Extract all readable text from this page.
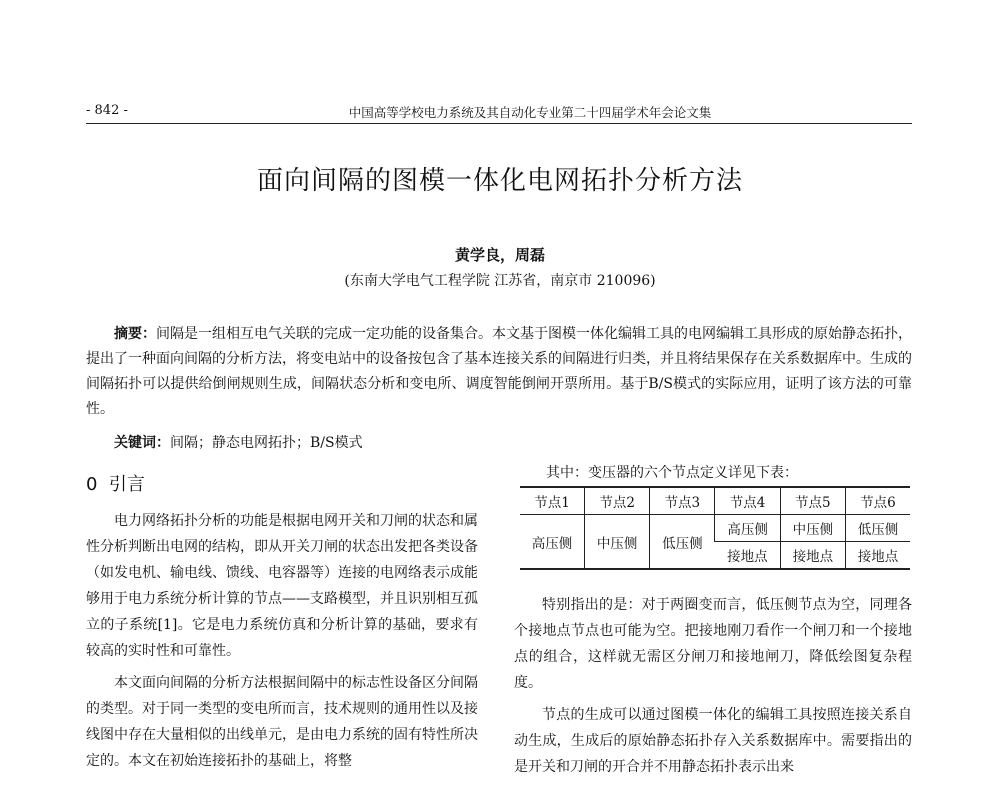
- 842 -	中国高等学校电力系统及其自动化专业第二十四届学术年会论文集
面向间隔的图模一体化电网拓扑分析方法
黄学良，周磊
(东南大学电气工程学院 江苏省，南京市 210096)
摘要：间隔是一组相互电气关联的完成一定功能的设备集合。本文基于图模一体化编辑工具的电网编辑工具形成的原始静态拓扑，提出了一种面向间隔的分析方法，将变电站中的设备按包含了基本连接关系的间隔进行归类，并且将结果保存在关系数据库中。生成的间隔拓扑可以提供给倒闸规则生成，间隔状态分析和变电所、调度智能倒闸开票所用。基于B/S模式的实际应用，证明了该方法的可靠性。
关键词：间隔；静态电网拓扑；B/S模式
0 引言

电力网络拓扑分析的功能是根据电网开关和刀闸的状态和属性分析判断出电网的结构，即从开关刀闸的状态出发把各类设备（如发电机、输电线、馈线、电容器等）连接的电网络表示成能够用于电力系统分析计算的节点——支路模型，并且识别相互孤立的子系统[1]。它是电力系统仿真和分析计算的基础，要求有较高的实时性和可靠性。

本文面向间隔的分析方法根据间隔中的标志性设备区分间隔的类型。对于同一类型的变电所而言，技术规则的通用性以及接线图中存在大量相似的出线单元，是由电力系统的固有特性所决定的。本文在初始连接拓扑的基础上，将整

其中：变压器的六个节点定义详见下表：
节点1	节点2	节点3	节点4	节点5	节点6
高压侧	中压侧	低压侧	高压侧	中压侧	低压侧
			接地点	接地点	接地点

特别指出的是：对于两圈变而言，低压侧节点为空，同理各个接地点节点也可能为空。把接地刚刀看作一个闸刀和一个接地点的组合，这样就无需区分闸刀和接地闸刀，降低绘图复杂程度。

节点的生成可以通过图模一体化的编辑工具按照连接关系自动生成，生成后的原始静态拓扑存入关系数据库中。需要指出的是开关和刀闸的开合并不用静态拓扑表示出来
